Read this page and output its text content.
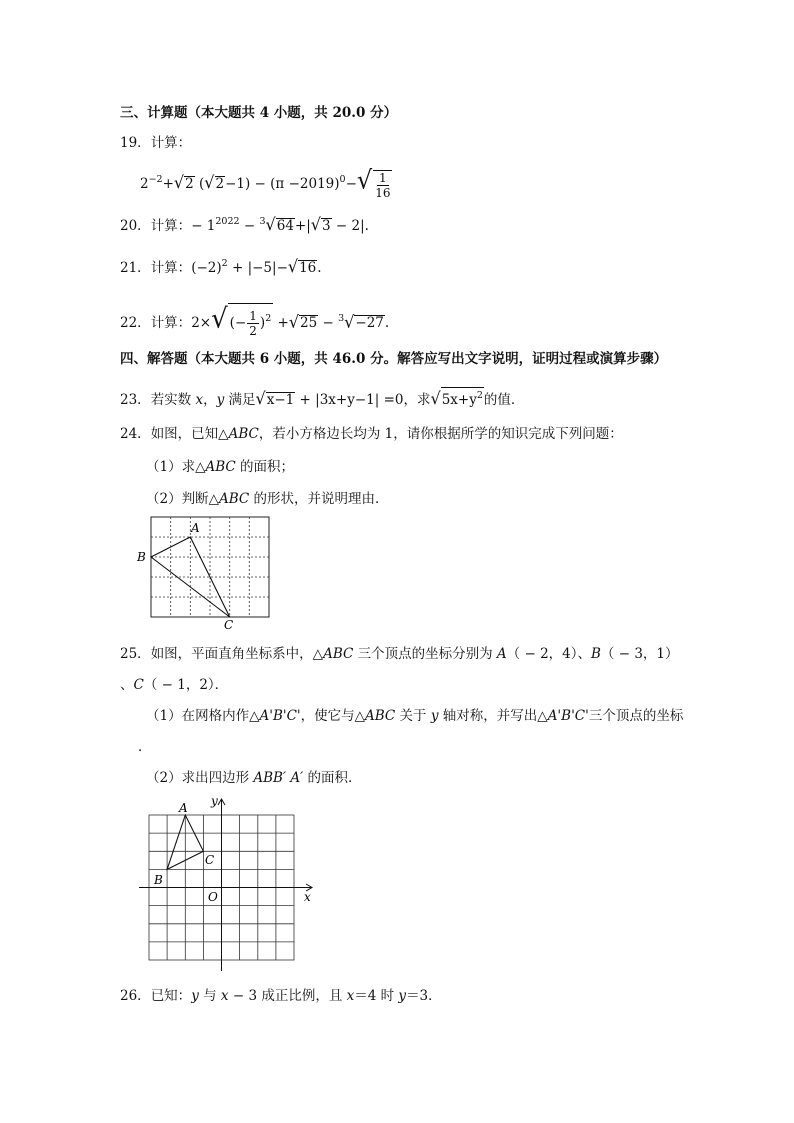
三、计算题（本大题共 4 小题，共 20.0 分）
19．计算：
$2^{-2}+√2$ $(√2-1) - (\pi -2019)^0-√ \frac{1}{16}$
20．计算：− $1^{2022} - ^3√64+|√3 - 2|$.
21．计算：$(-2)^2 + |-5|-√16$.
22．计算：2×√ (− $\frac{1}{2} )^2 +√25 - ^3√-27$.
四、解答题（本大题共 6 小题，共 46.0 分。解答应写出文字说明，证明过程或演算步骤）
23．若实数 x，y 满足√x−1 + |3x+y−1| =0，求$√5x+y^2$的值．
24．如图，已知△ABC，若小方格边长均为 1，请你根据所学的知识完成下列问题：
（1）求△ABC 的面积；
（2）判断△ABC 的形状，并说明理由．
A
B
C
25．如图，平面直角坐标系中，△ABC 三个顶点的坐标分别为 A（ − 2，4）、B（ − 3，1）
、C（ − 1，2）．
（1）在网格内作△A'B'C'，使它与△ABC 关于 y 轴对称，并写出△A'B'C'三个顶点的坐标
．
（2）求出四边形 ABB′ A′ 的面积．
A
B
C
O	x
y
26．已知：y 与 x − 3 成正比例，且 x＝4 时 y＝3．
